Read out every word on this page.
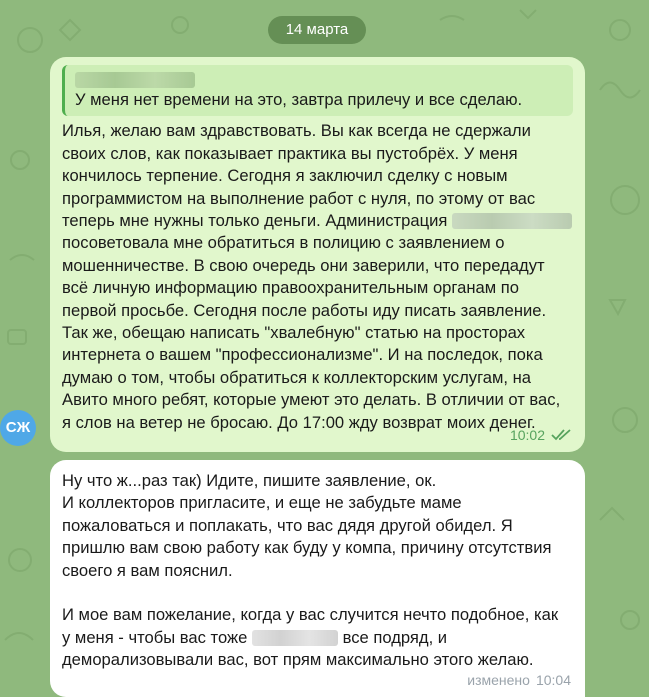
14 марта
У меня нет времени на это, завтра прилечу и все сделаю.
Илья, желаю вам здравствовать. Вы как всегда не сдержали своих слов, как показывает практика вы пустобрёх. У меня кончилось терпение. Сегодня я заключил сделку с новым программистом на выполнение работ с нуля, по этому от вас теперь мне нужны только деньги. Администрация
посоветовала мне обратиться в полицию с заявлением о мошенничестве. В свою очередь они заверили, что передадут всё личную информацию правоохранительным органам по первой просьбе. Сегодня после работы иду писать заявление. Так же, обещаю написать "хвалебную" статью на просторах интернета о вашем "профессионализме". И на последок, пока думаю о том, чтобы обратиться к коллекторским услугам, на Авито много ребят, которые умеют это делать. В отличии от вас, я слов на ветер не бросаю. До 17:00 жду возврат моих денег.
10:02
СЖ
Ну что ж...раз так) Идите, пишите заявление, ок.
И коллекторов пригласите, и еще не забудьте маме пожаловаться и поплакать, что вас дядя другой обидел. Я пришлю вам свою работу как буду у компа, причину отсутствия своего я вам пояснил.

И мое вам пожелание, когда у вас случится нечто подобное, как у меня - чтобы вас тоже	все подряд, и деморализовывали вас, вот прям максимально этого желаю.
изменено 10:04
